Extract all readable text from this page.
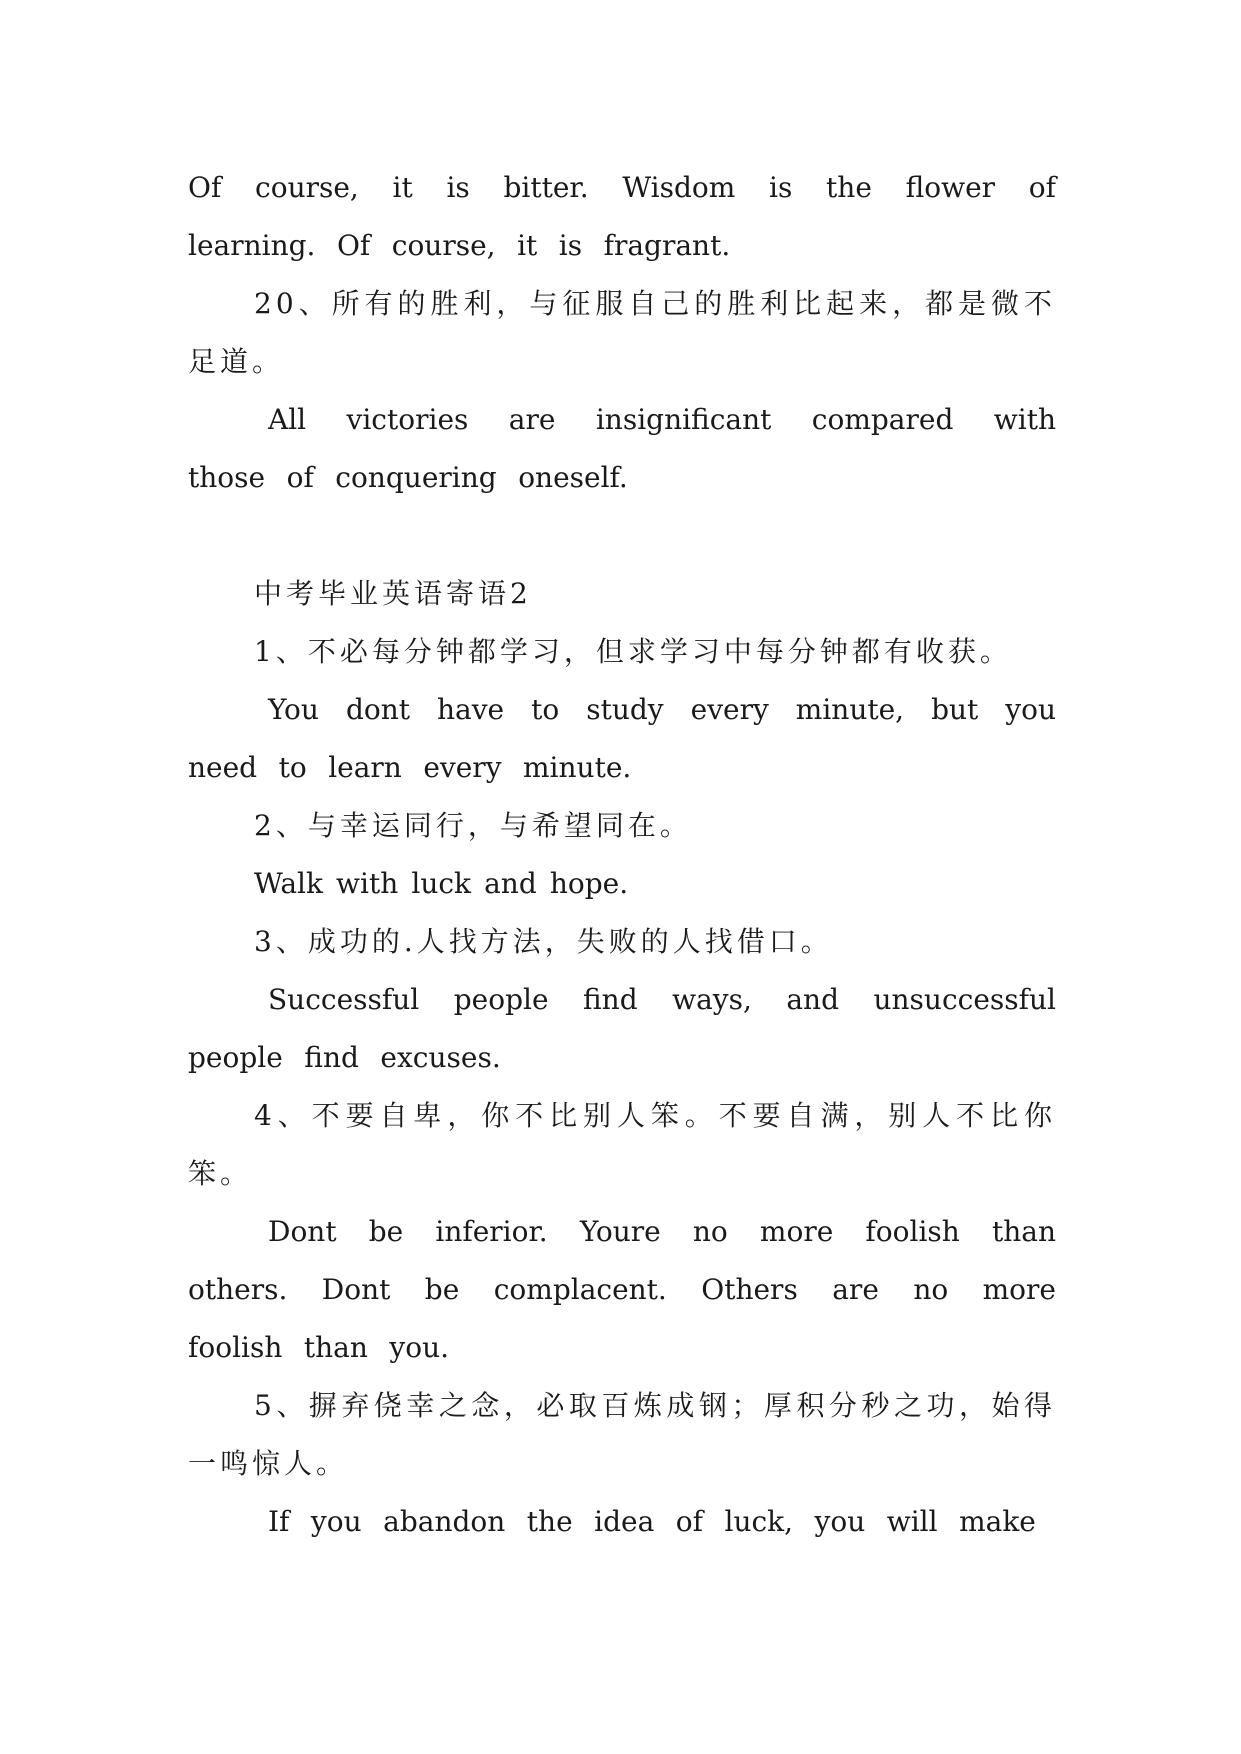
Of course, it is bitter. Wisdom is the flower of learning. Of course, it is fragrant.

20、所有的胜利，与征服自己的胜利比起来，都是微不足道。

All victories are insignificant compared with those of conquering oneself.

中考毕业英语寄语2

1、不必每分钟都学习，但求学习中每分钟都有收获。

You dont have to study every minute, but you need to learn every minute.

2、与幸运同行，与希望同在。

Walk with luck and hope.

3、成功的.人找方法，失败的人找借口。

Successful people find ways, and unsuccessful people find excuses.

4、不要自卑，你不比别人笨。不要自满，别人不比你笨。

Dont be inferior. Youre no more foolish than others. Dont be complacent. Others are no more foolish than you.

5、摒弃侥幸之念，必取百炼成钢；厚积分秒之功，始得一鸣惊人。

If you abandon the idea of luck, you will make
